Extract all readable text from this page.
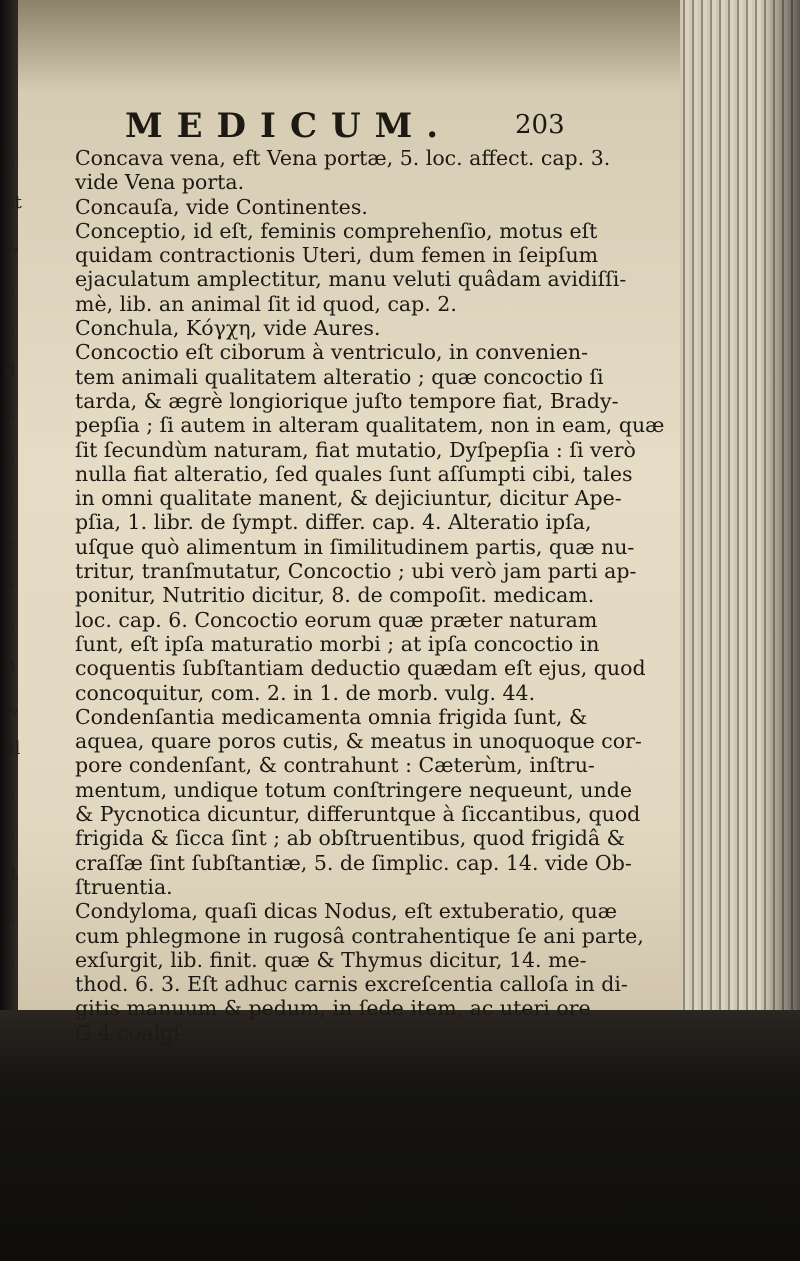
l.
et
s,
l.
l.
d
f.
l.
x
l.
j.
f.
n
s,
el
l.
l.
ft
l.
l.
MEDICUM. 203
Concava vena, eft Vena portæ, 5. loc. affect. cap. 3.
vide Vena porta.
Concauſa, vide Continentes.
Conceptio, id eſt, feminis comprehenſio, motus eſt
quidam contractionis Uteri, dum femen in ſeipſum
ejaculatum amplectitur, manu veluti quâdam avidiſſi-
mè, lib. an animal ſit id quod, cap. 2.
Conchula, Κόγχη, vide Aures.
Concoctio eſt ciborum à ventriculo, in convenien-
tem animali qualitatem alteratio ; quæ concoctio ſi
tarda, & ægrè longiorique juſto tempore fiat, Brady-
pepſia ; ſi autem in alteram qualitatem, non in eam, quæ
ſit ſecundùm naturam, fiat mutatio, Dyſpepſia : ſi verò
nulla fiat alteratio, ſed quales ſunt aſſumpti cibi, tales
in omni qualitate manent, & dejiciuntur, dicitur Ape-
pſia, 1. libr. de ſympt. differ. cap. 4. Alteratio ipſa,
uſque quò alimentum in ſimilitudinem partis, quæ nu-
tritur, tranſmutatur, Concoctio ; ubi verò jam parti ap-
ponitur, Nutritio dicitur, 8. de compoſit. medicam.
loc. cap. 6. Concoctio eorum quæ præter naturam
ſunt, eſt ipſa maturatio morbi ; at ipſa concoctio in
coquentis ſubſtantiam deductio quædam eſt ejus, quod
concoquitur, com. 2. in 1. de morb. vulg. 44.
Condenſantia medicamenta omnia frigida ſunt, &
aquea, quare poros cutis, & meatus in unoquoque cor-
pore condenſant, & contrahunt : Cæterùm, inſtru-
mentum, undique totum conſtringere nequeunt, unde
& Pycnotica dicuntur, differuntque à ſiccantibus, quod
frigida & ſicca ſint ; ab obſtruentibus, quod frigidâ &
craſſæ ſint ſubſtantiæ, 5. de ſimplic. cap. 14. vide Ob-
ſtruentia.
Condyloma, quaſi dicas Nodus, eſt extuberatio, quæ
cum phlegmone in rugosâ contrahentique ſe ani parte,
exſurgit, lib. finit. quæ & Thymus dicitur, 14. me-
thod. 6. 3. Eſt adhuc carnis excreſcentia calloſa in di-
gitis manuum & pedum, in ſede item, ac uteri ore
G 4 coalgſ-
